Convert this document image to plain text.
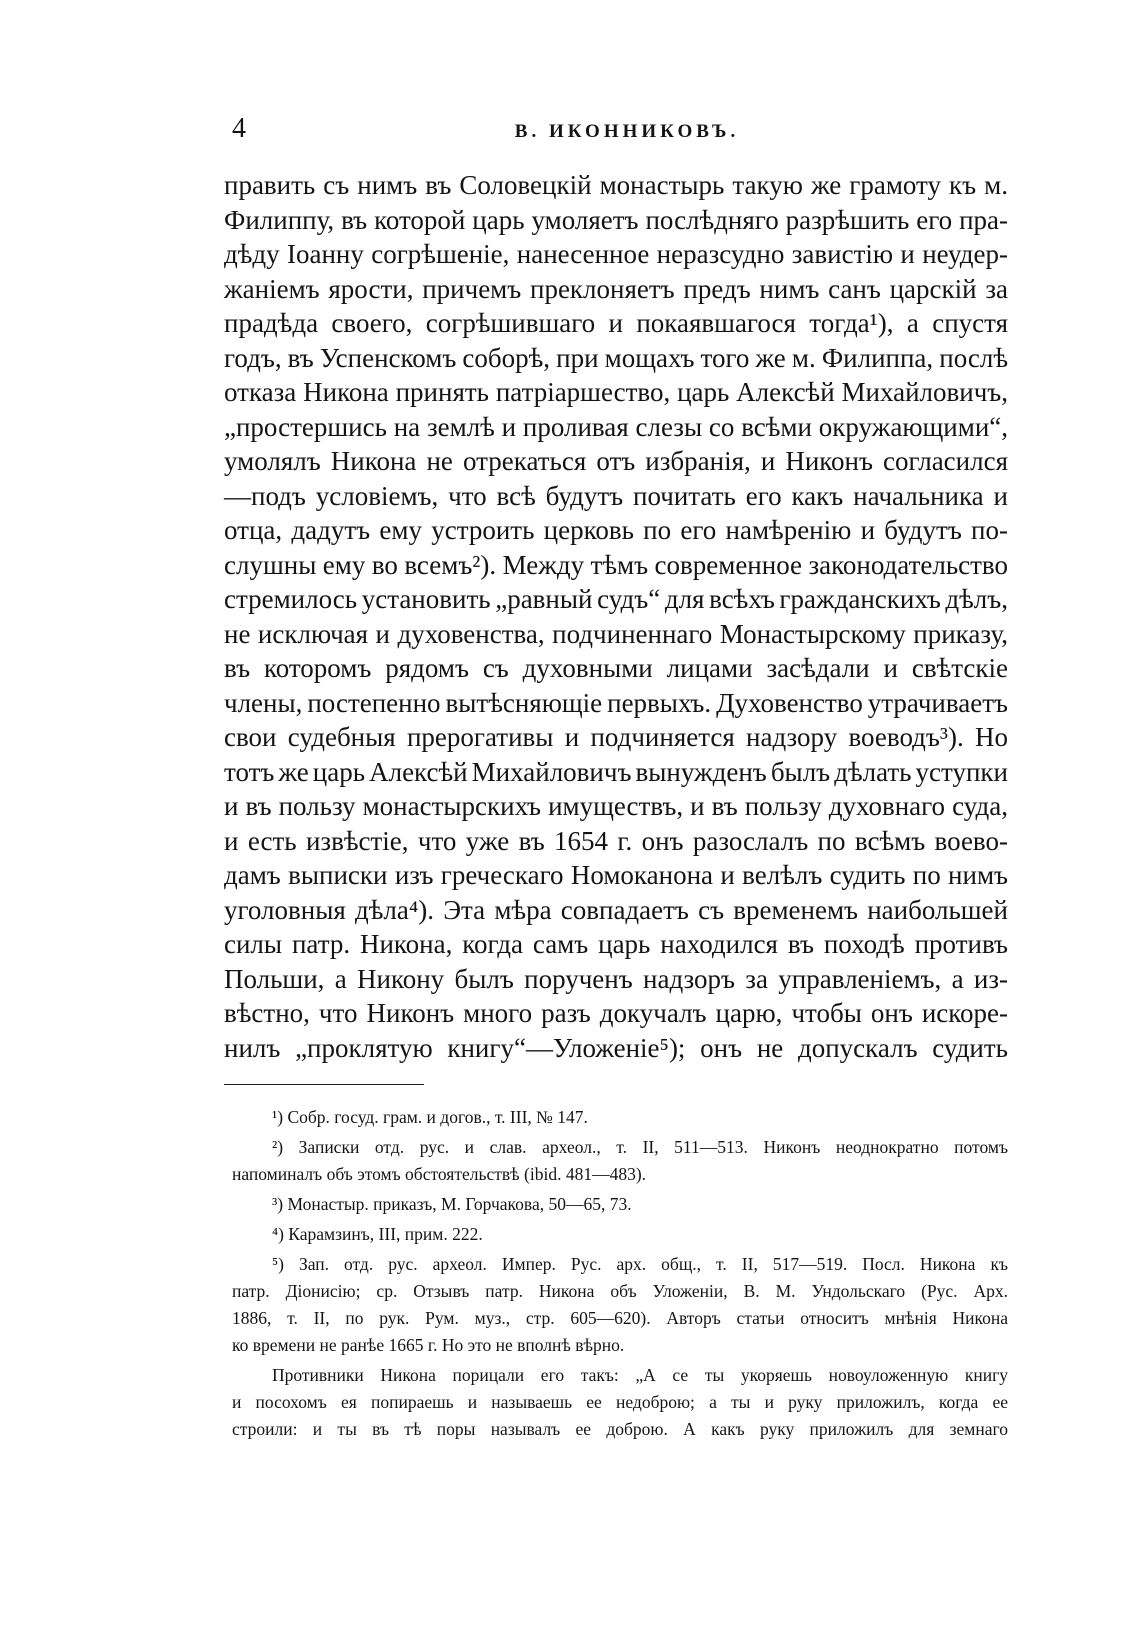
4	В. ИКОННИКОВЪ.
править съ нимъ въ Соловецкій монастырь такую же грамоту къ м.
Филиппу, въ которой царь умоляетъ послѣдняго разрѣшить его пра-
дѣду Іоанну согрѣшеніе, нанесенное неразсудно завистію и неудер-
жаніемъ ярости, причемъ преклоняетъ предъ нимъ санъ царскій за
прадѣда своего, согрѣшившаго и покаявшагося тогда¹), а спустя
годъ, въ Успенскомъ соборѣ, при мощахъ того же м. Филиппа, послѣ
отказа Никона принять патріаршество, царь Алексѣй Михайловичъ,
„простершись на землѣ и проливая слезы со всѣми окружающими“,
умолялъ Никона не отрекаться отъ избранія, и Никонъ согласился
—подъ условіемъ, что всѣ будутъ почитать его какъ начальника и
отца, дадутъ ему устроить церковь по его намѣренію и будутъ по-
слушны ему во всемъ²). Между тѣмъ современное законодательство
стремилось установить „равный судъ“ для всѣхъ гражданскихъ дѣлъ,
не исключая и духовенства, подчиненнаго Монастырскому приказу,
въ которомъ рядомъ съ духовными лицами засѣдали и свѣтскіе
члены, постепенно вытѣсняющіе первыхъ. Духовенство утрачиваетъ
свои судебныя прерогативы и подчиняется надзору воеводъ³). Но
тотъ же царь Алексѣй Михайловичъ вынужденъ былъ дѣлать уступки
и въ пользу монастырскихъ имуществъ, и въ пользу духовнаго суда,
и есть извѣстіе, что уже въ 1654 г. онъ разослалъ по всѣмъ воево-
дамъ выписки изъ греческаго Номоканона и велѣлъ судить по нимъ
уголовныя дѣла⁴). Эта мѣра совпадаетъ съ временемъ наибольшей
силы патр. Никона, когда самъ царь находился въ походѣ противъ
Польши, а Никону былъ порученъ надзоръ за управленіемъ, а из-
вѣстно, что Никонъ много разъ докучалъ царю, чтобы онъ искоре-
нилъ „проклятую книгу“—Уложеніе⁵); онъ не допускалъ судить
¹) Собр. госуд. грам. и догов., т. III, № 147.
²) Записки отд. рус. и слав. археол., т. II, 511—513. Никонъ неоднократно потомъ
напоминалъ объ этомъ обстоятельствѣ (ibid. 481—483).
³) Монастыр. приказъ, М. Горчакова, 50—65, 73.
⁴) Карамзинъ, III, прим. 222.
⁵) Зап. отд. рус. археол. Импер. Рус. арх. общ., т. II, 517—519. Посл. Никона къ
патр. Діонисію; ср. Отзывъ патр. Никона объ Уложеніи, В. М. Ундольскаго (Рус. Арх.
1886, т. II, по рук. Рум. муз., стр. 605—620). Авторъ статьи относитъ мнѣнія Никона
ко времени не ранѣе 1665 г. Но это не вполнѣ вѣрно.
Противники Никона порицали его такъ: „А се ты укоряешь новоуложенную книгу
и посохомъ ея попираешь и называешь ее недоброю; а ты и руку приложилъ, когда ее
строили: и ты въ тѣ поры называлъ ее доброю. А какъ руку приложилъ для земнаго
